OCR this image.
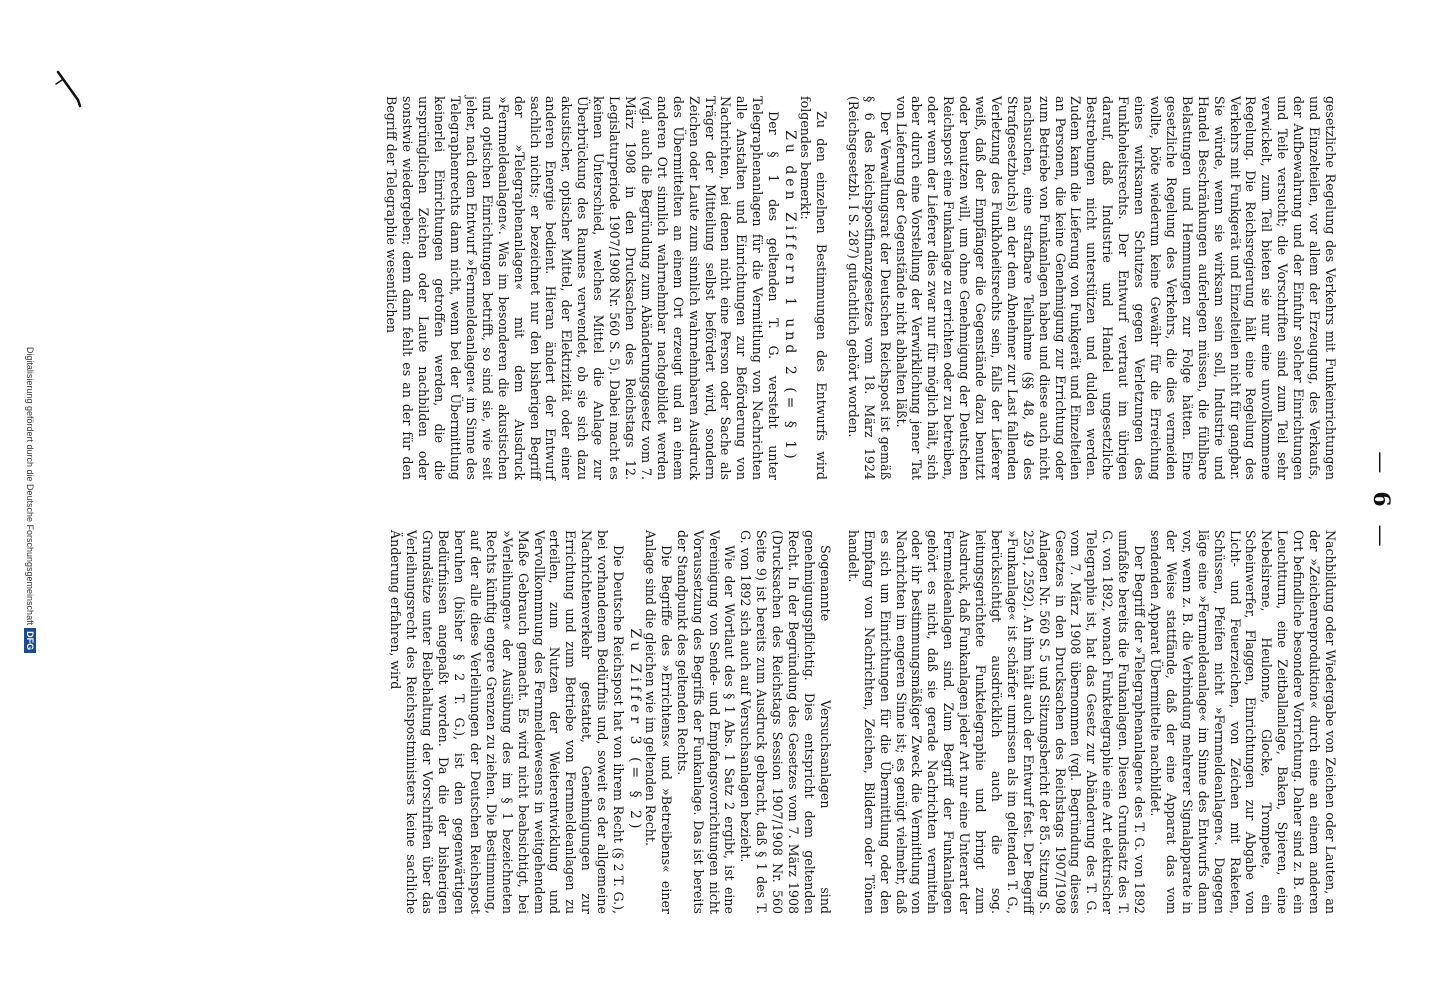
—6—

gesetzliche Regelung des Verkehrs mit Funkeinrichtungen und Einzelteilen, vor allem der Erzeugung, des Verkaufs, der Aufbewahrung und der Einfuhr solcher Einrichtungen und Teile versucht; die Vorschriften sind zum Teil sehr verwickelt, zum Teil bieten sie nur eine unvollkommene Regelung. Die Reichsregierung hält eine Regelung des Verkehrs mit Funkgerät und Einzelteilen nicht für gangbar. Sie würde, wenn sie wirksam sein soll, Industrie und Handel Beschränkungen auferlegen müssen, die fühlbare Belastungen und Hemmungen zur Folge hätten. Eine gesetzliche Regelung des Verkehrs, die dies vermeiden wollte, böte wiederum keine Gewähr für die Erreichung eines wirksamen Schutzes gegen Verletzungen des Funkhoheitsrechts. Der Entwurf vertraut im übrigen darauf, daß Industrie und Handel ungesetzliche Bestrebungen nicht unterstützen und dulden werden. Zudem kann die Lieferung von Funkgerät und Einzelteilen an Personen, die keine Genehmigung zur Errichtung oder zum Betriebe von Funkanlagen haben und diese auch nicht nachsuchen, eine strafbare Teilnahme (§§ 48, 49 des Strafgesetzbuchs) an der dem Abnehmer zur Last fallenden Verletzung des Funkhoheitsrechts sein, falls der Lieferer weiß, daß der Empfänger die Gegenstände dazu benutzt oder benutzen will, um ohne Genehmigung der Deutschen Reichspost eine Funkanlage zu errichten oder zu betreiben, oder wenn der Lieferer dies zwar nur für möglich hält, sich aber durch eine Vorstellung der Verwirklichung jener Tat von Lieferung der Gegenstände nicht abhalten läßt.

Der Verwaltungsrat der Deutschen Reichspost ist gemäß § 6 des Reichspostfinanzgesetzes vom 18. März 1924 (Reichsgesetzbl. I S. 287) gutachtlich gehört worden.

Zu den einzelnen Bestimmungen des Entwurfs wird folgendes bemerkt:

Zu den Ziffern 1 und 2 (= § 1)

Der § 1 des geltenden T. G. versteht unter Telegraphenanlagen für die Vermittlung von Nachrichten alle Anstalten und Einrichtungen zur Beförderung von Nachrichten, bei denen nicht eine Person oder Sache als Träger der Mitteilung selbst befördert wird, sondern Zeichen oder Laute zum sinnlich wahrnehmbaren Ausdruck des Übermittelten an einem Ort erzeugt und an einem anderen Ort sinnlich wahrnehmbar nachgebildet werden (vgl. auch die Begründung zum Abänderungsgesetz vom 7. März 1908 in den Drucksachen des Reichstags 12. Legislaturperiode 1907/1908 Nr. 560 S. 5). Dabei macht es keinen Unterschied, welches Mittel die Anlage zur Überbrückung des Raumes verwendet, ob sie sich dazu akustischer, optischer Mittel, der Elektrizität oder einer anderen Energie bedient. Hieran ändert der Entwurf sachlich nichts; er bezeichnet nur den bisherigen Begriff der »Telegraphenanlagen« mit dem Ausdruck »Fernmeldeanlagen«. Was im besonderen die akustischen und optischen Einrichtungen betrifft, so sind sie, wie seit jeher, nach dem Entwurf »Fernmeldeanlagen« im Sinne des Telegraphenrechts dann nicht, wenn bei der Übermittlung keinerlei Einrichtungen getroffen werden, die die ursprünglichen Zeichen oder Laute nachbilden oder sonstwie wiedergeben; denn dann fehlt es an der für den Begriff der Telegraphie wesentlichen

Nachbildung oder Wiedergabe von Zeichen oder Lauten, an der »Zeichenreproduktion« durch eine an einem anderen Ort befindliche besondere Vorrichtung. Daher sind z. B. ein Leuchtturm, eine Zeitballanlage, Baken, Spieren, eine Nebelsirene, Heulonne, Glocke, Trompete, ein Scheinwerfer, Flaggen, Einrichtungen zur Abgabe von Licht- und Feuerzeichen, von Zeichen mit Raketen, Schüssen, Pfeifen nicht »Fernmeldeanlagen«. Dagegen läge eine »Fernmeldeanlage« im Sinne des Entwurfs dann vor, wenn z. B. die Verbindung mehrerer Signalapparate in der Weise stattfände, daß der eine Apparat das vom sendenden Apparat Übermittelte nachbildet.

Der Begriff der »Telegraphenanlagen« des T. G. von 1892 umfaßte bereits die Funkanlagen. Diesen Grundsatz des T. G. von 1892, wonach Funktelegraphie eine Art elektrischer Telegraphie ist, hat das Gesetz zur Abänderung des T. G. vom 7. März 1908 übernommen (vgl. Begründung dieses Gesetzes in den Drucksachen des Reichstags 1907/1908 Anlagen Nr. 560 S. 5 und Sitzungsbericht der 85. Sitzung S. 2591, 2592). An ihm hält auch der Entwurf fest. Der Begriff »Funkanlage« ist schärfer umrissen als im geltenden T. G., berücksichtigt ausdrücklich auch die sog. leitungsgerichtete Funktelegraphie und bringt zum Ausdruck, daß Funkanlagen jeder Art nur eine Unterart der Fernmeldeanlagen sind. Zum Begriff der Funkanlagen gehört es nicht, daß sie gerade Nachrichten vermitteln oder ihr bestimmungsmäßiger Zweck die Vermittlung von Nachrichten im engeren Sinne ist; es genügt vielmehr, daß es sich um Einrichtungen für die Übermittlung oder den Empfang von Nachrichten, Zeichen, Bildern oder Tönen handelt.

Sogenannte Versuchsanlagen sind genehmigungspflichtig. Dies entspricht dem geltenden Recht. In der Begründung des Gesetzes vom 7. März 1908 (Drucksachen des Reichstags Session 1907/1908 Nr. 560 Seite 9) ist bereits zum Ausdruck gebracht, daß § 1 des T. G. von 1892 sich auch auf Versuchsanlagen bezieht.

Wie der Wortlaut des § 1 Abs. 1 Satz 2 ergibt, ist eine Vereinigung von Sende- und Empfangsvorrichtungen nicht Voraussetzung des Begriffs der Funkanlage. Das ist bereits der Standpunkt des geltenden Rechts.

Die Begriffe des »Errichtens« und »Betreibens« einer Anlage sind die gleichen wie im geltenden Recht.

Zu Ziffer 3 (= § 2)

Die Deutsche Reichspost hat von ihrem Recht (§ 2 T. G.), bei vorhandenem Bedürfnis und, soweit es der allgemeine Nachrichtenverkehr gestattet, Genehmigungen zur Errichtung und zum Betriebe von Fernmeldeanlagen zu erteilen, zum Nutzen der Weiterentwicklung und Vervollkommnung des Fernmeldewesens in weitgehendem Maße Gebrauch gemacht. Es wird nicht beabsichtigt, bei »Verleihungen« der Ausübung des im § 1 bezeichneten Rechts künftig engere Grenzen zu ziehen. Die Bestimmung, auf der alle diese Verleihungen der Deutschen Reichspost beruhen (bisher § 2 T. G.), ist den gegenwärtigen Bedürfnissen angepaßt worden. Da die der bisherigen Grundsätze unter Beibehaltung der Vorschriften über das Verleihungsrecht des Reichspostministers keine sachliche Änderung erfahren, wird

Digitalisierung gefördert durch die Deutsche ForschungsgemeinschaftDFG
